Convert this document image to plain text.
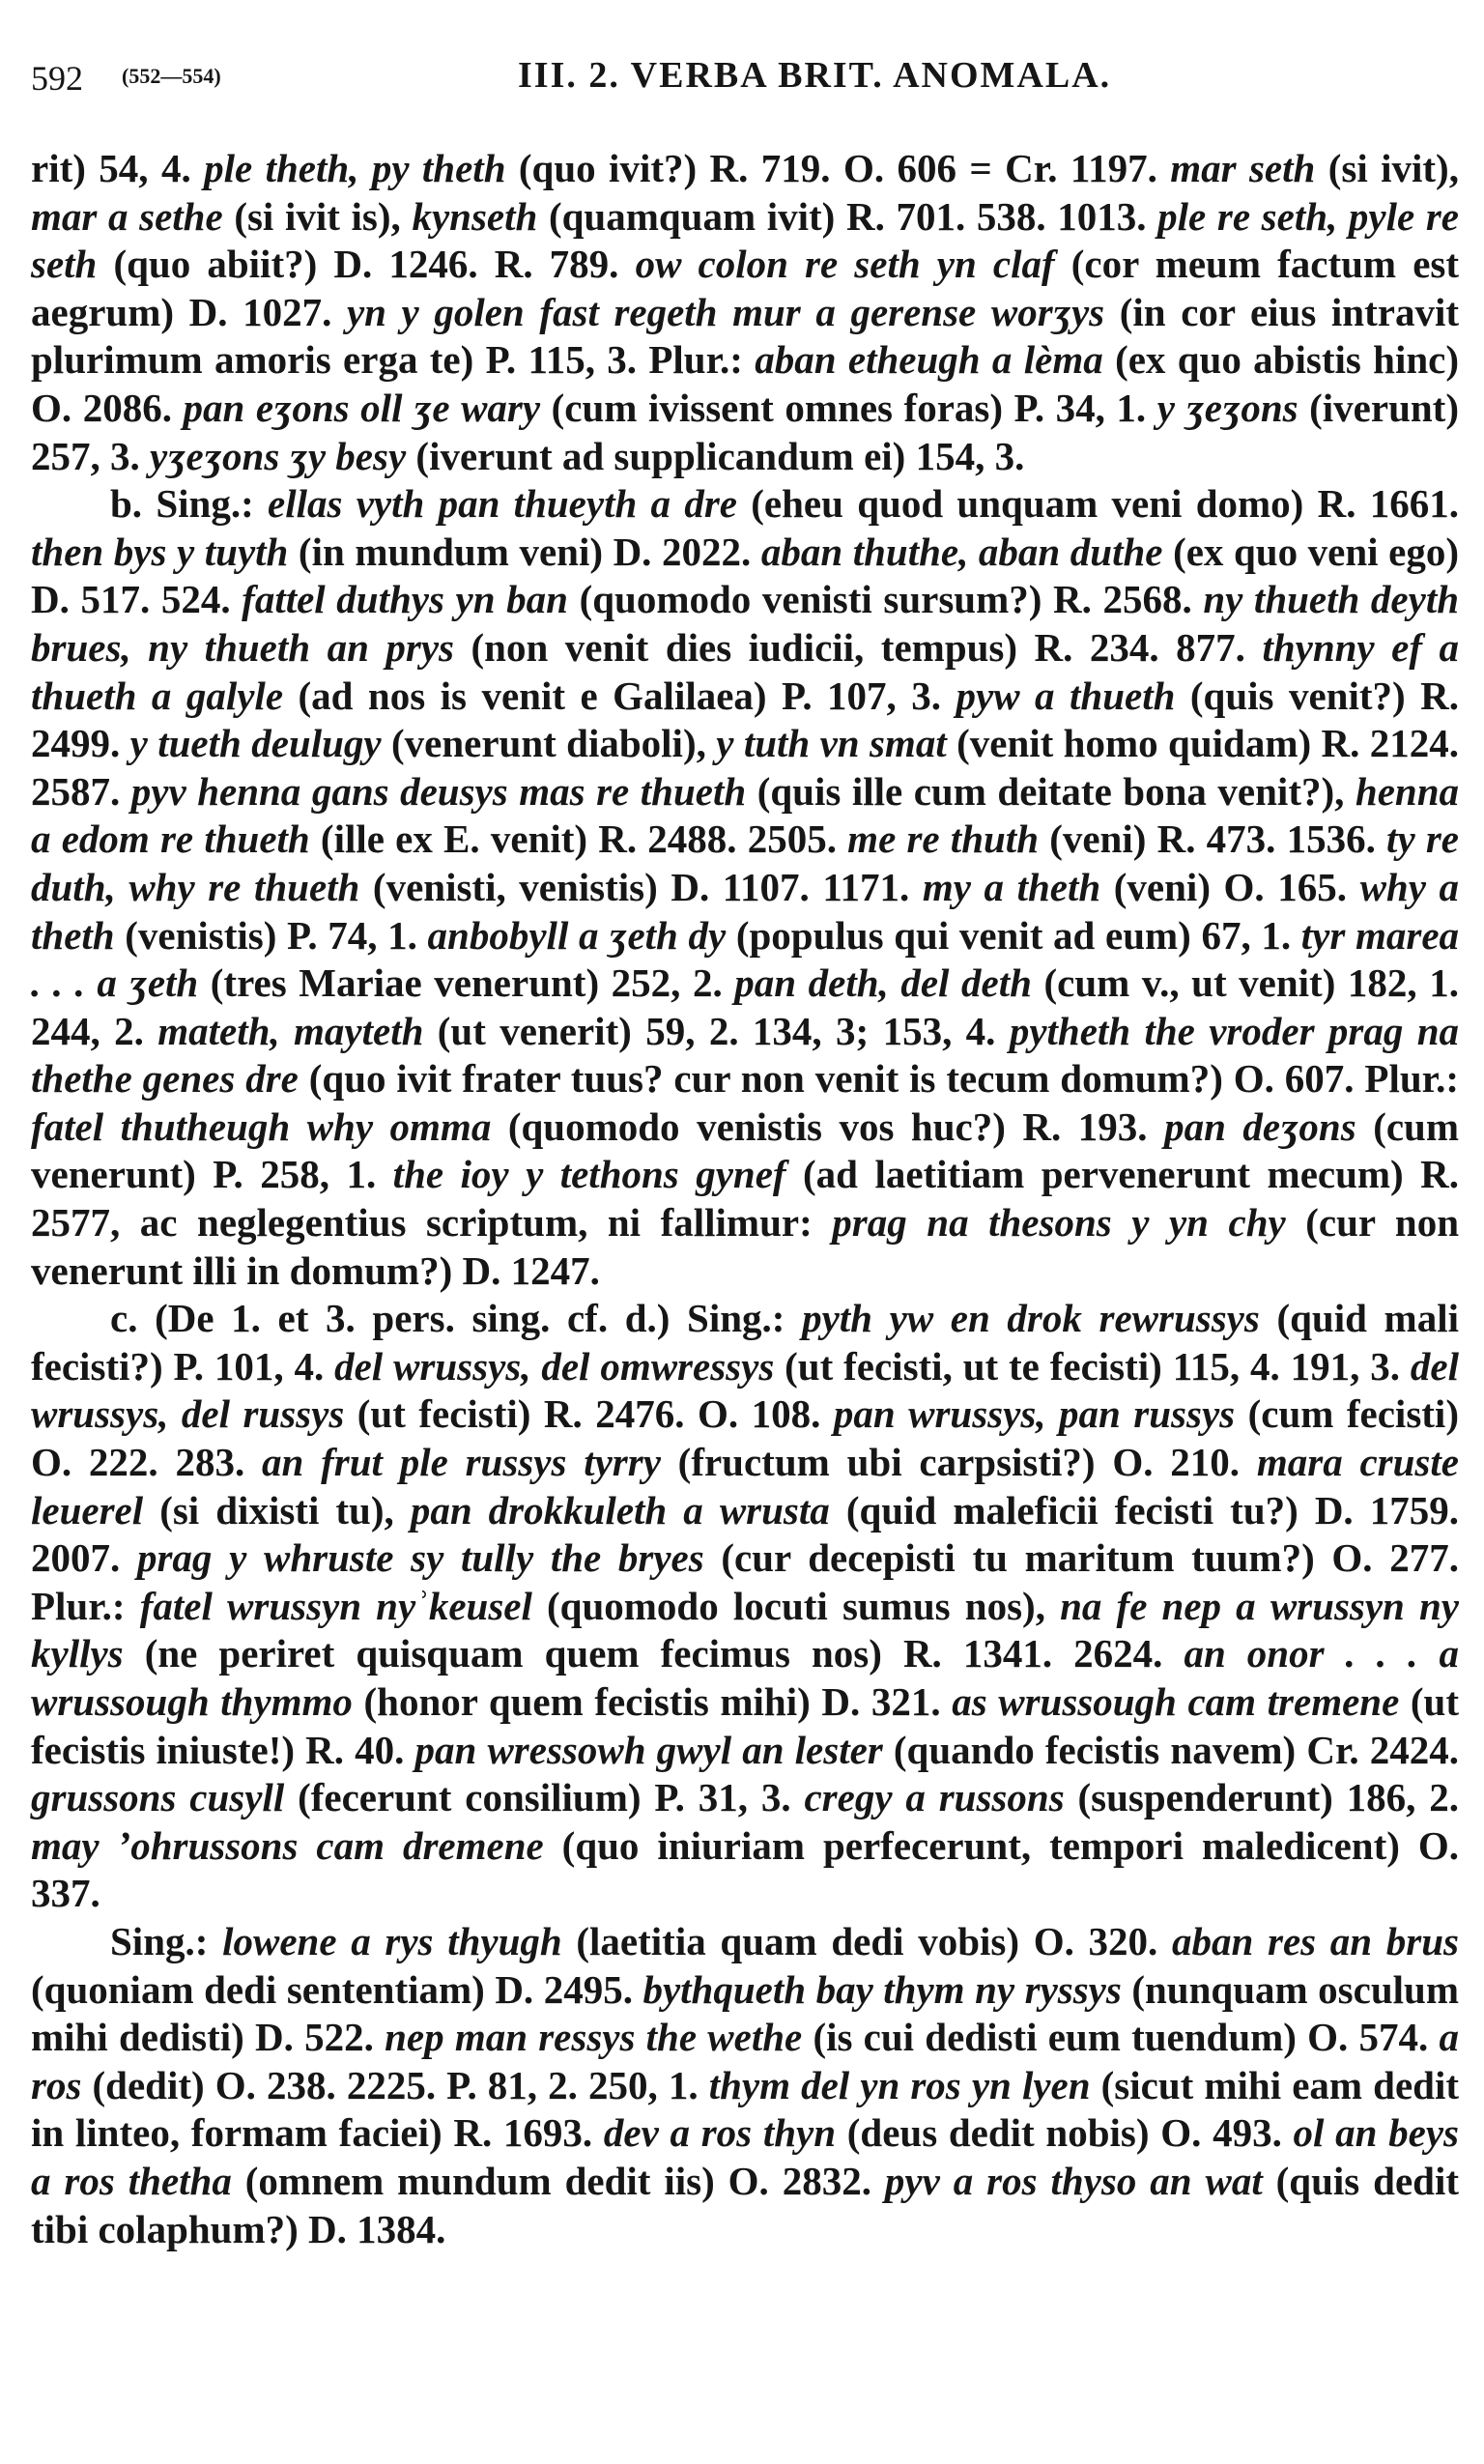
592 (552—554)	III. 2. VERBA BRIT. ANOMALA.

rit) 54, 4. ple theth, py theth (quo ivit?) R. 719. O. 606 = Cr. 1197. mar seth (si ivit), mar a sethe (si ivit is), kynseth (quamquam ivit) R. 701. 538. 1013. ple re seth, pyle re seth (quo abiit?) D. 1246. R. 789. ow colon re seth yn claf (cor meum factum est aegrum) D. 1027. yn y golen fast regeth mur a gerense worʒys (in cor eius intravit plurimum amoris erga te) P. 115, 3. Plur.: aban etheugh a lèma (ex quo abistis hinc) O. 2086. pan eʒons oll ʒe wary (cum ivissent omnes foras) P. 34, 1. y ʒeʒons (iverunt) 257, 3. yʒeʒons ʒy besy (iverunt ad supplicandum ei) 154, 3.

b. Sing.: ellas vyth pan thueyth a dre (eheu quod unquam veni domo) R. 1661. then bys y tuyth (in mundum veni) D. 2022. aban thuthe, aban duthe (ex quo veni ego) D. 517. 524. fattel duthys yn ban (quomodo venisti sursum?) R. 2568. ny thueth deyth brues, ny thueth an prys (non venit dies iudicii, tempus) R. 234. 877. thynny ef a thueth a galyle (ad nos is venit e Galilaea) P. 107, 3. pyw a thueth (quis venit?) R. 2499. y tueth deulugy (venerunt diaboli), y tuth vn smat (venit homo quidam) R. 2124. 2587. pyv henna gans deusys mas re thueth (quis ille cum deitate bona venit?), henna a edom re thueth (ille ex E. venit) R. 2488. 2505. me re thuth (veni) R. 473. 1536. ty re duth, why re thueth (venisti, venistis) D. 1107. 1171. my a theth (veni) O. 165. why a theth (venistis) P. 74, 1. anbobyll a ʒeth dy (populus qui venit ad eum) 67, 1. tyr marea . . . a ʒeth (tres Mariae venerunt) 252, 2. pan deth, del deth (cum v., ut venit) 182, 1. 244, 2. mateth, mayteth (ut venerit) 59, 2. 134, 3; 153, 4. pytheth the vroder prag na thethe genes dre (quo ivit frater tuus? cur non venit is tecum domum?) O. 607. Plur.: fatel thutheugh why omma (quomodo venistis vos huc?) R. 193. pan deʒons (cum venerunt) P. 258, 1. the ioy y tethons gynef (ad laetitiam pervenerunt mecum) R. 2577, ac neglegentius scriptum, ni fallimur: prag na thesons y yn chy (cur non venerunt illi in domum?) D. 1247.

c. (De 1. et 3. pers. sing. cf. d.) Sing.: pyth yw en drok rewrussys (quid mali fecisti?) P. 101, 4. del wrussys, del omwressys (ut fecisti, ut te fecisti) 115, 4. 191, 3. del wrussys, del russys (ut fecisti) R. 2476. O. 108. pan wrussys, pan russys (cum fecisti) O. 222. 283. an frut ple russys tyrry (fructum ubi carpsisti?) O. 210. mara cruste leuerel (si dixisti tu), pan drokkuleth a wrusta (quid maleficii fecisti tu?) D. 1759. 2007. prag y whruste sy tully the bryes (cur decepisti tu maritum tuum?) O. 277. Plur.: fatel wrussyn nyʾkeusel (quomodo locuti sumus nos), na fe nep a wrussyn ny kyllys (ne periret quisquam quem fecimus nos) R. 1341. 2624. an onor . . . a wrussough thymmo (honor quem fecistis mihi) D. 321. as wrussough cam tremene (ut fecistis iniuste!) R. 40. pan wressowh gwyl an lester (quando fecistis navem) Cr. 2424. grussons cusyll (fecerunt consilium) P. 31, 3. cregy a russons (suspenderunt) 186, 2. may ʼohrussons cam dremene (quo iniuriam perfecerunt, tempori maledicent) O. 337.

Sing.: lowene a rys thyugh (laetitia quam dedi vobis) O. 320. aban res an brus (quoniam dedi sententiam) D. 2495. bythqueth bay thym ny ryssys (nunquam osculum mihi dedisti) D. 522. nep man ressys the wethe (is cui dedisti eum tuendum) O. 574. a ros (dedit) O. 238. 2225. P. 81, 2. 250, 1. thym del yn ros yn lyen (sicut mihi eam dedit in linteo, formam faciei) R. 1693. dev a ros thyn (deus dedit nobis) O. 493. ol an beys a ros thetha (omnem mundum dedit iis) O. 2832. pyv a ros thyso an wat (quis dedit tibi colaphum?) D. 1384.
